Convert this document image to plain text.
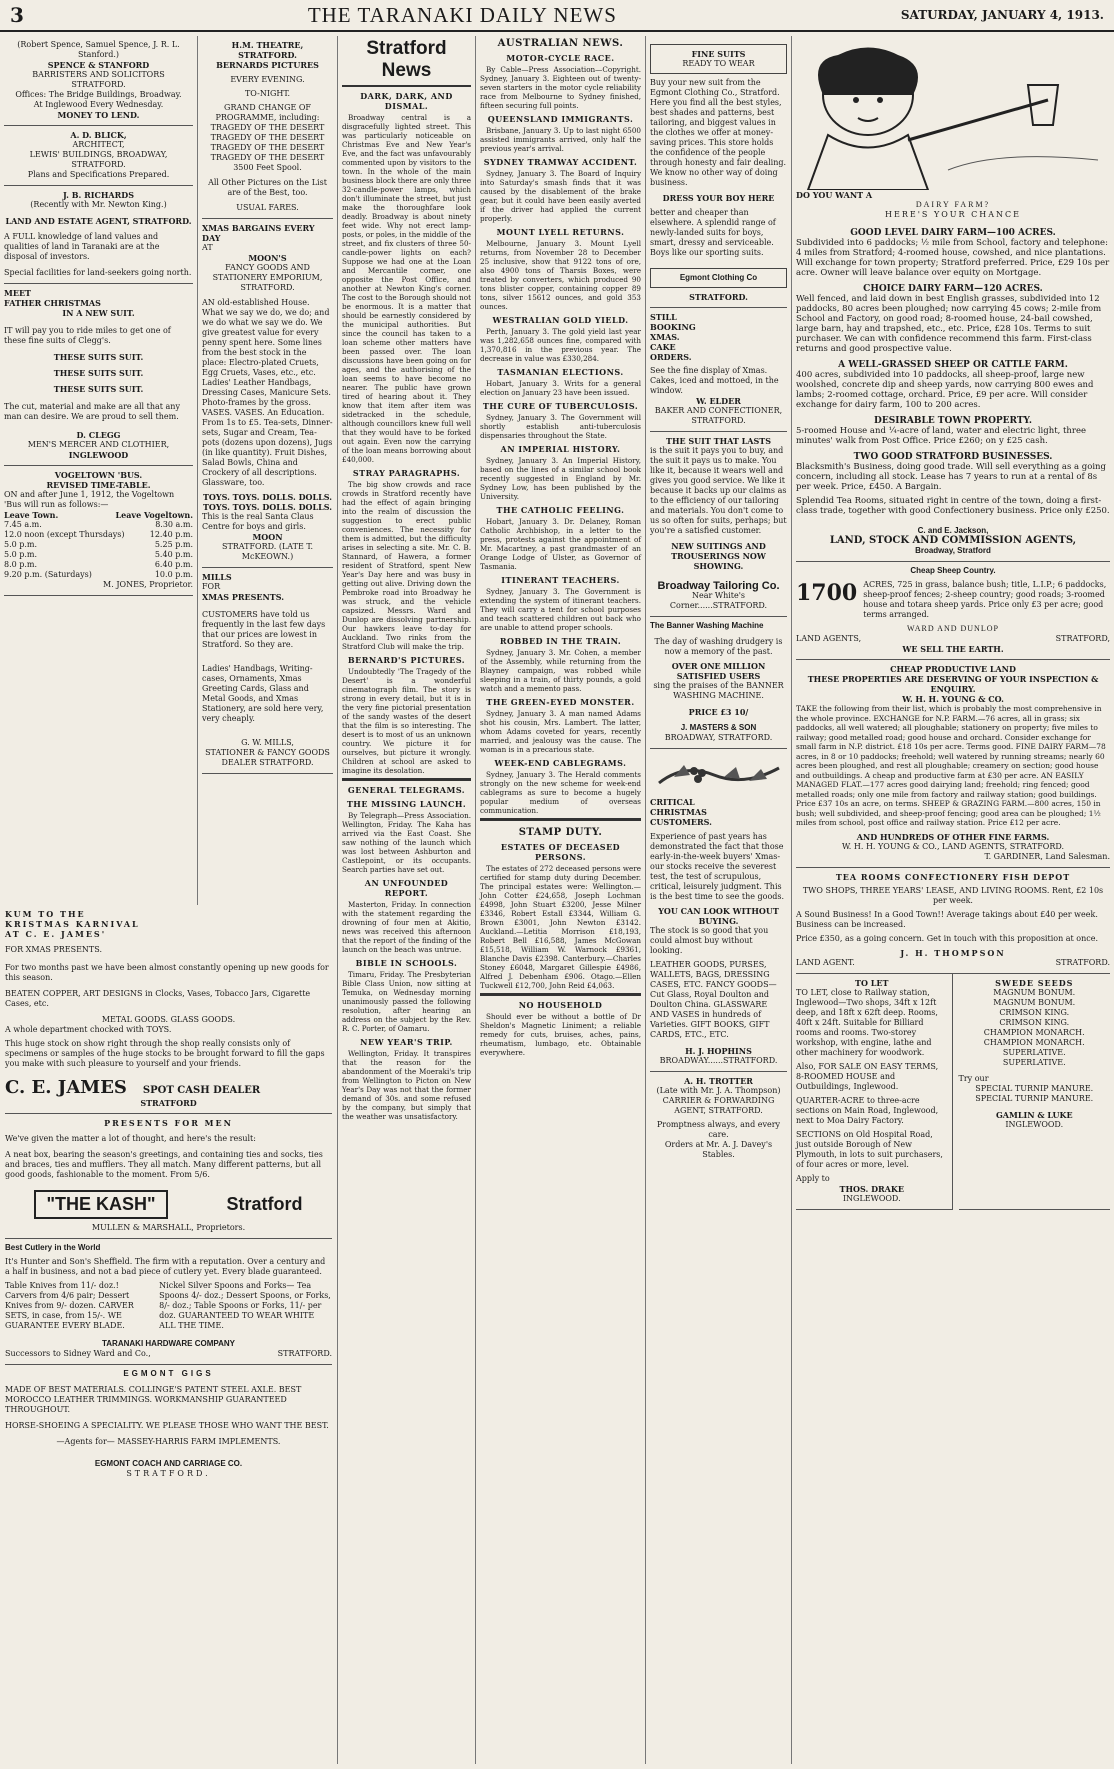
3	THE TARANAKI DAILY NEWS	SATURDAY, JANUARY 4, 1913.

(Robert Spence, Samuel Spence, J. R. L. Stanford.)

SPENCE & STANFORD

BARRISTERS AND SOLICITORS STRATFORD.

Offices: The Bridge Buildings, Broadway.

At Inglewood Every Wednesday.

MONEY TO LEND.

A. D. BLICK,

ARCHITECT,

LEWIS' BUILDINGS, BROADWAY, STRATFORD.

Plans and Specifications Prepared.

J. B. RICHARDS

(Recently with Mr. Newton King.)

LAND AND ESTATE AGENT, STRATFORD.

A FULL knowledge of land values and qualities of land in Taranaki are at the disposal of investors.

Special facilities for land-seekers going north.

MEET

FATHER CHRISTMAS

IN A NEW SUIT.

IT will pay you to ride miles to get one of these fine suits of Clegg's.

THESE SUITS SUIT.

THESE SUITS SUIT.

THESE SUITS SUIT.

The cut, material and make are all that any man can desire. We are proud to sell them.

D. CLEGG

MEN'S MERCER AND CLOTHIER,

INGLEWOOD

VOGELTOWN 'BUS.

REVISED TIME-TABLE.

ON and after June 1, 1912, the Vogeltown 'Bus will run as follows:—

Leave Town.	Leave Vogeltown.
7.45 a.m.	8.30 a.m.
12.0 noon (except Thursdays)	12.40 p.m.
5.0 p.m.	5.25 p.m.
5.0 p.m.	5.40 p.m.
8.0 p.m.	6.40 p.m.
9.20 p.m. (Saturdays)	10.0 p.m.

M. JONES, Proprietor.

H.M. THEATRE, STRATFORD.

BERNARDS PICTURES

EVERY EVENING.

TO-NIGHT.

GRAND CHANGE OF PROGRAMME, including:

TRAGEDY OF THE DESERT

TRAGEDY OF THE DESERT

TRAGEDY OF THE DESERT

TRAGEDY OF THE DESERT

3500 Feet Spool.

All Other Pictures on the List are of the Best, too.

USUAL FARES.

XMAS BARGAINS EVERY DAY

AT

MOON'S

FANCY GOODS AND STATIONERY EMPORIUM, STRATFORD.

AN old-established House. What we say we do, we do; and we do what we say we do. We give greatest value for every penny spent here. Some lines from the best stock in the place: Electro-plated Cruets, Egg Cruets, Vases, etc., etc. Ladies' Leather Handbags, Dressing Cases, Manicure Sets. Photo-frames by the gross. VASES. VASES. An Education. From 1s to £5. Tea-sets, Dinner-sets, Sugar and Cream, Tea-pots (dozens upon dozens), Jugs (in like quantity). Fruit Dishes, Salad Bowls, China and Crockery of all descriptions. Glassware, too.

TOYS. TOYS. DOLLS. DOLLS.

TOYS. TOYS. DOLLS. DOLLS.

This is the real Santa Claus Centre for boys and girls.

MOON

STRATFORD. (LATE T. McKEOWN.)

MILLS

FOR

XMAS PRESENTS.

CUSTOMERS have told us frequently in the last few days that our prices are lowest in Stratford. So they are.

Ladies' Handbags, Writing-cases, Ornaments, Xmas Greeting Cards, Glass and Metal Goods, and Xmas Stationery, are sold here very, very cheaply.

G. W. MILLS,

STATIONER & FANCY GOODS DEALER STRATFORD.

Stratford News
DARK, DARK, AND DISMAL.

Broadway central is a disgracefully lighted street. This was particularly noticeable on Christmas Eve and New Year's Eve, and the fact was unfavourably commented upon by visitors to the town. In the whole of the main business block there are only three 32-candle-power lamps, which don't illuminate the street, but just make the thoroughfare look deadly. Broadway is about ninety feet wide. Why not erect lamp-posts, or poles, in the middle of the street, and fix clusters of three 50-candle-power lights on each? Suppose we had one at the Loan and Mercantile corner, one opposite the Post Office, and another at Newton King's corner. The cost to the Borough should not be enormous. It is a matter that should be earnestly considered by the municipal authorities. But since the council has taken to a loan scheme other matters have been passed over. The loan discussions have been going on for ages, and the authorising of the loan seems to have become no nearer. The public have grown tired of hearing about it. They know that item after item was sidetracked in the schedule, although councillors knew full well that they would have to be forked out again. Even now the carrying of the loan means borrowing about £40,000.

STRAY PARAGRAPHS.

The big show crowds and race crowds in Stratford recently have had the effect of again bringing into the realm of discussion the suggestion to erect public conveniences. The necessity for them is admitted, but the difficulty arises in selecting a site. Mr. C. B. Stannard, of Hawera, a former resident of Stratford, spent New Year's Day here and was busy in getting out alive. Driving down the Pembroke road into Broadway he was struck, and the vehicle capsized. Messrs. Ward and Dunlop are dissolving partnership. Our hawkers leave to-day for Auckland. Two rinks from the Stratford Club will make the trip.

BERNARD'S PICTURES.

Undoubtedly 'The Tragedy of the Desert' is a wonderful cinematograph film. The story is strong in every detail, but it is in the very fine pictorial presentation of the sandy wastes of the desert that the film is so interesting. The desert is to most of us an unknown country. We picture it for ourselves, but picture it wrongly. Children at school are asked to imagine its desolation.

GENERAL TELEGRAMS.
THE MISSING LAUNCH.

By Telegraph—Press Association. Wellington, Friday. The Kaha has arrived via the East Coast. She saw nothing of the launch which was lost between Ashburton and Castlepoint, or its occupants. Search parties have set out.

AN UNFOUNDED REPORT.

Masterton, Friday. In connection with the statement regarding the drowning of four men at Akitio, news was received this afternoon that the report of the finding of the launch on the beach was untrue.

BIBLE IN SCHOOLS.

Timaru, Friday. The Presbyterian Bible Class Union, now sitting at Temuka, on Wednesday morning unanimously passed the following resolution, after hearing an address on the subject by the Rev. R. C. Porter, of Oamaru.

NEW YEAR'S TRIP.

Wellington, Friday. It transpires that the reason for the abandonment of the Moeraki's trip from Wellington to Picton on New Year's Day was not that the former demand of 30s. and some refused by the company, but simply that the weather was unsatisfactory.

AUSTRALIAN NEWS.
MOTOR-CYCLE RACE.

By Cable—Press Association—Copyright. Sydney, January 3. Eighteen out of twenty-seven starters in the motor cycle reliability race from Melbourne to Sydney finished, fifteen securing full points.

QUEENSLAND IMMIGRANTS.

Brisbane, January 3. Up to last night 6500 assisted immigrants arrived, only half the previous year's arrival.

SYDNEY TRAMWAY ACCIDENT.

Sydney, January 3. The Board of Inquiry into Saturday's smash finds that it was caused by the disablement of the brake gear, but it could have been easily averted if the driver had applied the current properly.

MOUNT LYELL RETURNS.

Melbourne, January 3. Mount Lyell returns, from November 28 to December 25 inclusive, show that 9122 tons of ore, also 4900 tons of Tharsis Boxes, were treated by converters, which produced 90 tons blister copper, containing copper 89 tons, silver 15612 ounces, and gold 353 ounces.

WESTRALIAN GOLD YIELD.

Perth, January 3. The gold yield last year was 1,282,658 ounces fine, compared with 1,370,816 in the previous year. The decrease in value was £330,284.

TASMANIAN ELECTIONS.

Hobart, January 3. Writs for a general election on January 23 have been issued.

THE CURE OF TUBERCULOSIS.

Sydney, January 3. The Government will shortly establish anti-tuberculosis dispensaries throughout the State.

AN IMPERIAL HISTORY.

Sydney, January 3. An Imperial History, based on the lines of a similar school book recently suggested in England by Mr. Sydney Low, has been published by the University.

THE CATHOLIC FEELING.

Hobart, January 3. Dr. Delaney, Roman Catholic Archbishop, in a letter to the press, protests against the appointment of Mr. Macartney, a past grandmaster of an Orange Lodge of Ulster, as Governor of Tasmania.

ITINERANT TEACHERS.

Sydney, January 3. The Government is extending the system of itinerant teachers. They will carry a tent for school purposes and teach scattered children out back who are unable to attend proper schools.

ROBBED IN THE TRAIN.

Sydney, January 3. Mr. Cohen, a member of the Assembly, while returning from the Blayney campaign, was robbed while sleeping in a train, of thirty pounds, a gold watch and a memento pass.

THE GREEN-EYED MONSTER.

Sydney, January 3. A man named Adams shot his cousin, Mrs. Lambert. The latter, whom Adams coveted for years, recently married, and jealousy was the cause. The woman is in a precarious state.

WEEK-END CABLEGRAMS.

Sydney, January 3. The Herald comments strongly on the new scheme for week-end cablegrams as sure to become a hugely popular medium of overseas communication.

STAMP DUTY.
ESTATES OF DECEASED PERSONS.

The estates of 272 deceased persons were certified for stamp duty during December. The principal estates were: Wellington.—John Cotter £24,658, Joseph Lochman £4998, John Stuart £3200, Jesse Milner £3346, Robert Estall £3344, William G. Brown £3001, John Newton £3142. Auckland.—Letitia Morrison £18,193, Robert Bell £16,588, James McGowan £15,518, William W. Warnock £9361, Blanche Davis £2398. Canterbury.—Charles Stoney £6048, Margaret Gillespie £4986, Alfred J. Debenham £906. Otago.—Ellen Tuckwell £12,700, John Reid £4,063.

NO HOUSEHOLD

Should ever be without a bottle of Dr Sheldon's Magnetic Liniment; a reliable remedy for cuts, bruises, aches, pains, rheumatism, lumbago, etc. Obtainable everywhere.

FINE SUITS

READY TO WEAR

Buy your new suit from the Egmont Clothing Co., Stratford. Here you find all the best styles, best shades and patterns, best tailoring, and biggest values in the clothes we offer at money-saving prices. This store holds the confidence of the people through honesty and fair dealing. We know no other way of doing business.

DRESS YOUR BOY HERE

better and cheaper than elsewhere. A splendid range of newly-landed suits for boys, smart, dressy and serviceable. Boys like our sporting suits.

Egmont Clothing Co

STRATFORD.

STILL

BOOKING

XMAS.

CAKE

ORDERS.

See the fine display of Xmas. Cakes, iced and mottoed, in the window.

W. ELDER

BAKER AND CONFECTIONER, STRATFORD.

THE SUIT THAT LASTS

is the suit it pays you to buy, and the suit it pays us to make. You like it, because it wears well and gives you good service. We like it because it backs up our claims as to the efficiency of our tailoring and materials. You don't come to us so often for suits, perhaps; but you're a satisfied customer.

NEW SUITINGS AND TROUSERINGS NOW SHOWING.

Broadway Tailoring Co.

Near White's Corner......STRATFORD.

The Banner Washing Machine

The day of washing drudgery is now a memory of the past.

OVER ONE MILLION SATISFIED USERS

sing the praises of the BANNER WASHING MACHINE.

PRICE £3 10/

J. MASTERS & SON

BROADWAY, STRATFORD.

CRITICAL

CHRISTMAS

CUSTOMERS.

Experience of past years has demonstrated the fact that those early-in-the-week buyers' Xmas-our stocks receive the severest test, the test of scrupulous, critical, leisurely judgment. This is the best time to see the goods.

YOU CAN LOOK WITHOUT BUYING.

The stock is so good that you could almost buy without looking.

LEATHER GOODS, PURSES, WALLETS, BAGS, DRESSING CASES, ETC. FANCY GOODS—Cut Glass, Royal Doulton and Doulton China. GLASSWARE AND VASES in hundreds of Varieties. GIFT BOOKS, GIFT CARDS, ETC., ETC.

H. J. HOPHINS

BROADWAY......STRATFORD.

A. H. TROTTER

(Late with Mr. J. A. Thompson)

CARRIER & FORWARDING AGENT, STRATFORD.

Promptness always, and every care.

Orders at Mr. A. J. Davey's Stables.

DO YOU WANT A

DAIRY FARM?

HERE'S YOUR CHANCE

GOOD LEVEL DAIRY FARM—100 ACRES.

Subdivided into 6 paddocks; ½ mile from School, factory and telephone: 4 miles from Stratford; 4-roomed house, cowshed, and nice plantations. Will exchange for town property; Stratford preferred. Price, £29 10s per acre. Owner will leave balance over equity on Mortgage.

CHOICE DAIRY FARM—120 ACRES.

Well fenced, and laid down in best English grasses, subdivided into 12 paddocks, 80 acres been ploughed; now carrying 45 cows; 2-mile from School and Factory, on good road; 8-roomed house, 24-bail cowshed, large barn, hay and trapshed, etc., etc. Price, £28 10s. Terms to suit purchaser. We can with confidence recommend this farm. First-class returns and good prospective value.

A WELL-GRASSED SHEEP OR CATTLE FARM.

400 acres, subdivided into 10 paddocks, all sheep-proof, large new woolshed, concrete dip and sheep yards, now carrying 800 ewes and lambs; 2-roomed cottage, orchard. Price, £9 per acre. Will consider exchange for dairy farm, 100 to 200 acres.

DESIRABLE TOWN PROPERTY.

5-roomed House and ¼-acre of land, water and electric light, three minutes' walk from Post Office. Price £260; on y £25 cash.

TWO GOOD STRATFORD BUSINESSES.

Blacksmith's Business, doing good trade. Will sell everything as a going concern, including all stock. Lease has 7 years to run at a rental of 8s per week. Price, £450. A Bargain.

Splendid Tea Rooms, situated right in centre of the town, doing a first-class trade, together with good Confectionery business. Price only £250.

C. and E. Jackson,

LAND, STOCK AND COMMISSION AGENTS,

Broadway, Stratford

Cheap Sheep Country.

1700 ACRES, 725 in grass, balance bush; title, L.I.P.; 6 paddocks, sheep-proof fences; 2-sheep country; good roads; 3-roomed house and totara sheep yards. Price only £3 per acre; good terms arranged.

WARD AND DUNLOP

LAND AGENTS,	STRATFORD,

WE SELL THE EARTH.

CHEAP PRODUCTIVE LAND

THESE PROPERTIES ARE DESERVING OF YOUR INSPECTION & ENQUIRY.

W. H. H. YOUNG & CO.

TAKE the following from their list, which is probably the most comprehensive in the whole province. EXCHANGE for N.P. FARM.—76 acres, all in grass; six paddocks, all well watered; all ploughable; stationery on property; five miles to railway; good metalled road; good house and orchard. Consider exchange for small farm in N.P. district. £18 10s per acre. Terms good. FINE DAIRY FARM—78 acres, in 8 or 10 paddocks; freehold; well watered by running streams; nearly 60 acres been ploughed, and rest all ploughable; creamery on section; good house and outbuildings. A cheap and productive farm at £30 per acre. AN EASILY MANAGED FLAT.—177 acres good dairying land; freehold; ring fenced; good metalled roads; only one mile from factory and railway station; good buildings. Price £37 10s an acre, on terms. SHEEP & GRAZING FARM.—800 acres, 150 in bush; well subdivided, and sheep-proof fencing; good area can be ploughed; 1½ miles from school, post office and railway station. Price £12 per acre.

AND HUNDREDS OF OTHER FINE FARMS.

W. H. H. YOUNG & CO., LAND AGENTS, STRATFORD.

T. GARDINER, Land Salesman.

TEA ROOMS CONFECTIONERY FISH DEPOT

TWO SHOPS, THREE YEARS' LEASE, AND LIVING ROOMS. Rent, £2 10s per week.

A Sound Business! In a Good Town!! Average takings about £40 per week. Business can be increased.

Price £350, as a going concern. Get in touch with this proposition at once.

J. H. THOMPSON

LAND AGENT.	STRATFORD.

TO LET

TO LET, close to Railway station, Inglewood—Two shops, 34ft x 12ft deep, and 18ft x 62ft deep. Rooms, 40ft x 24ft. Suitable for Billiard rooms and rooms. Two-storey workshop, with engine, lathe and other machinery for woodwork.

Also, FOR SALE ON EASY TERMS, 8-ROOMED HOUSE and Outbuildings, Inglewood.

QUARTER-ACRE to three-acre sections on Main Road, Inglewood, next to Moa Dairy Factory.

SECTIONS on Old Hospital Road, just outside Borough of New Plymouth, in lots to suit purchasers, of four acres or more, level.

Apply to

THOS. DRAKE

INGLEWOOD.

SWEDE SEEDS

MAGNUM BONUM.

MAGNUM BONUM.

CRIMSON KING.

CRIMSON KING.

CHAMPION MONARCH.

CHAMPION MONARCH.

SUPERLATIVE.

SUPERLATIVE.

Try our

SPECIAL TURNIP MANURE.

SPECIAL TURNIP MANURE.

GAMLIN & LUKE

INGLEWOOD.

KUM TO THE

KRISTMAS KARNIVAL

AT C. E. JAMES'

FOR XMAS PRESENTS.

For two months past we have been almost constantly opening up new goods for this season.

BEATEN COPPER, ART DESIGNS in Clocks, Vases, Tobacco Jars, Cigarette Cases, etc.

METAL GOODS. GLASS GOODS.

A whole department chocked with TOYS.

This huge stock on show right through the shop really consists only of specimens or samples of the huge stocks to be brought forward to fill the gaps you make with such pleasure to yourself and your friends.

C. E. JAMES SPOT CASH DEALER

STRATFORD

PRESENTS FOR MEN

We've given the matter a lot of thought, and here's the result:

A neat box, bearing the season's greetings, and containing ties and socks, ties and braces, ties and mufflers. They all match. Many different patterns, but all good goods, fashionable to the moment. From 5/6.

"THE KASH"	Stratford

MULLEN & MARSHALL, Proprietors.

Best Cutlery in the World

It's Hunter and Son's Sheffield. The firm with a reputation. Over a century and a half in business, and not a bad piece of cutlery yet. Every blade guaranteed.

Table Knives from 11/- doz.! Carvers from 4/6 pair; Dessert Knives from 9/- dozen. CARVER SETS, in case, from 15/-. WE GUARANTEE EVERY BLADE.

Nickel Silver Spoons and Forks— Tea Spoons 4/- doz.; Dessert Spoons, or Forks, 8/- doz.; Table Spoons or Forks, 11/- per doz. GUARANTEED TO WEAR WHITE ALL THE TIME.

TARANAKI HARDWARE COMPANY

Successors to Sidney Ward and Co.,	STRATFORD.

EGMONT GIGS

MADE OF BEST MATERIALS. COLLINGE'S PATENT STEEL AXLE. BEST MOROCCO LEATHER TRIMMINGS. WORKMANSHIP GUARANTEED THROUGHOUT.

HORSE-SHOEING A SPECIALITY. WE PLEASE THOSE WHO WANT THE BEST.

—Agents for— MASSEY-HARRIS FARM IMPLEMENTS.

EGMONT COACH AND CARRIAGE CO.

STRATFORD.
